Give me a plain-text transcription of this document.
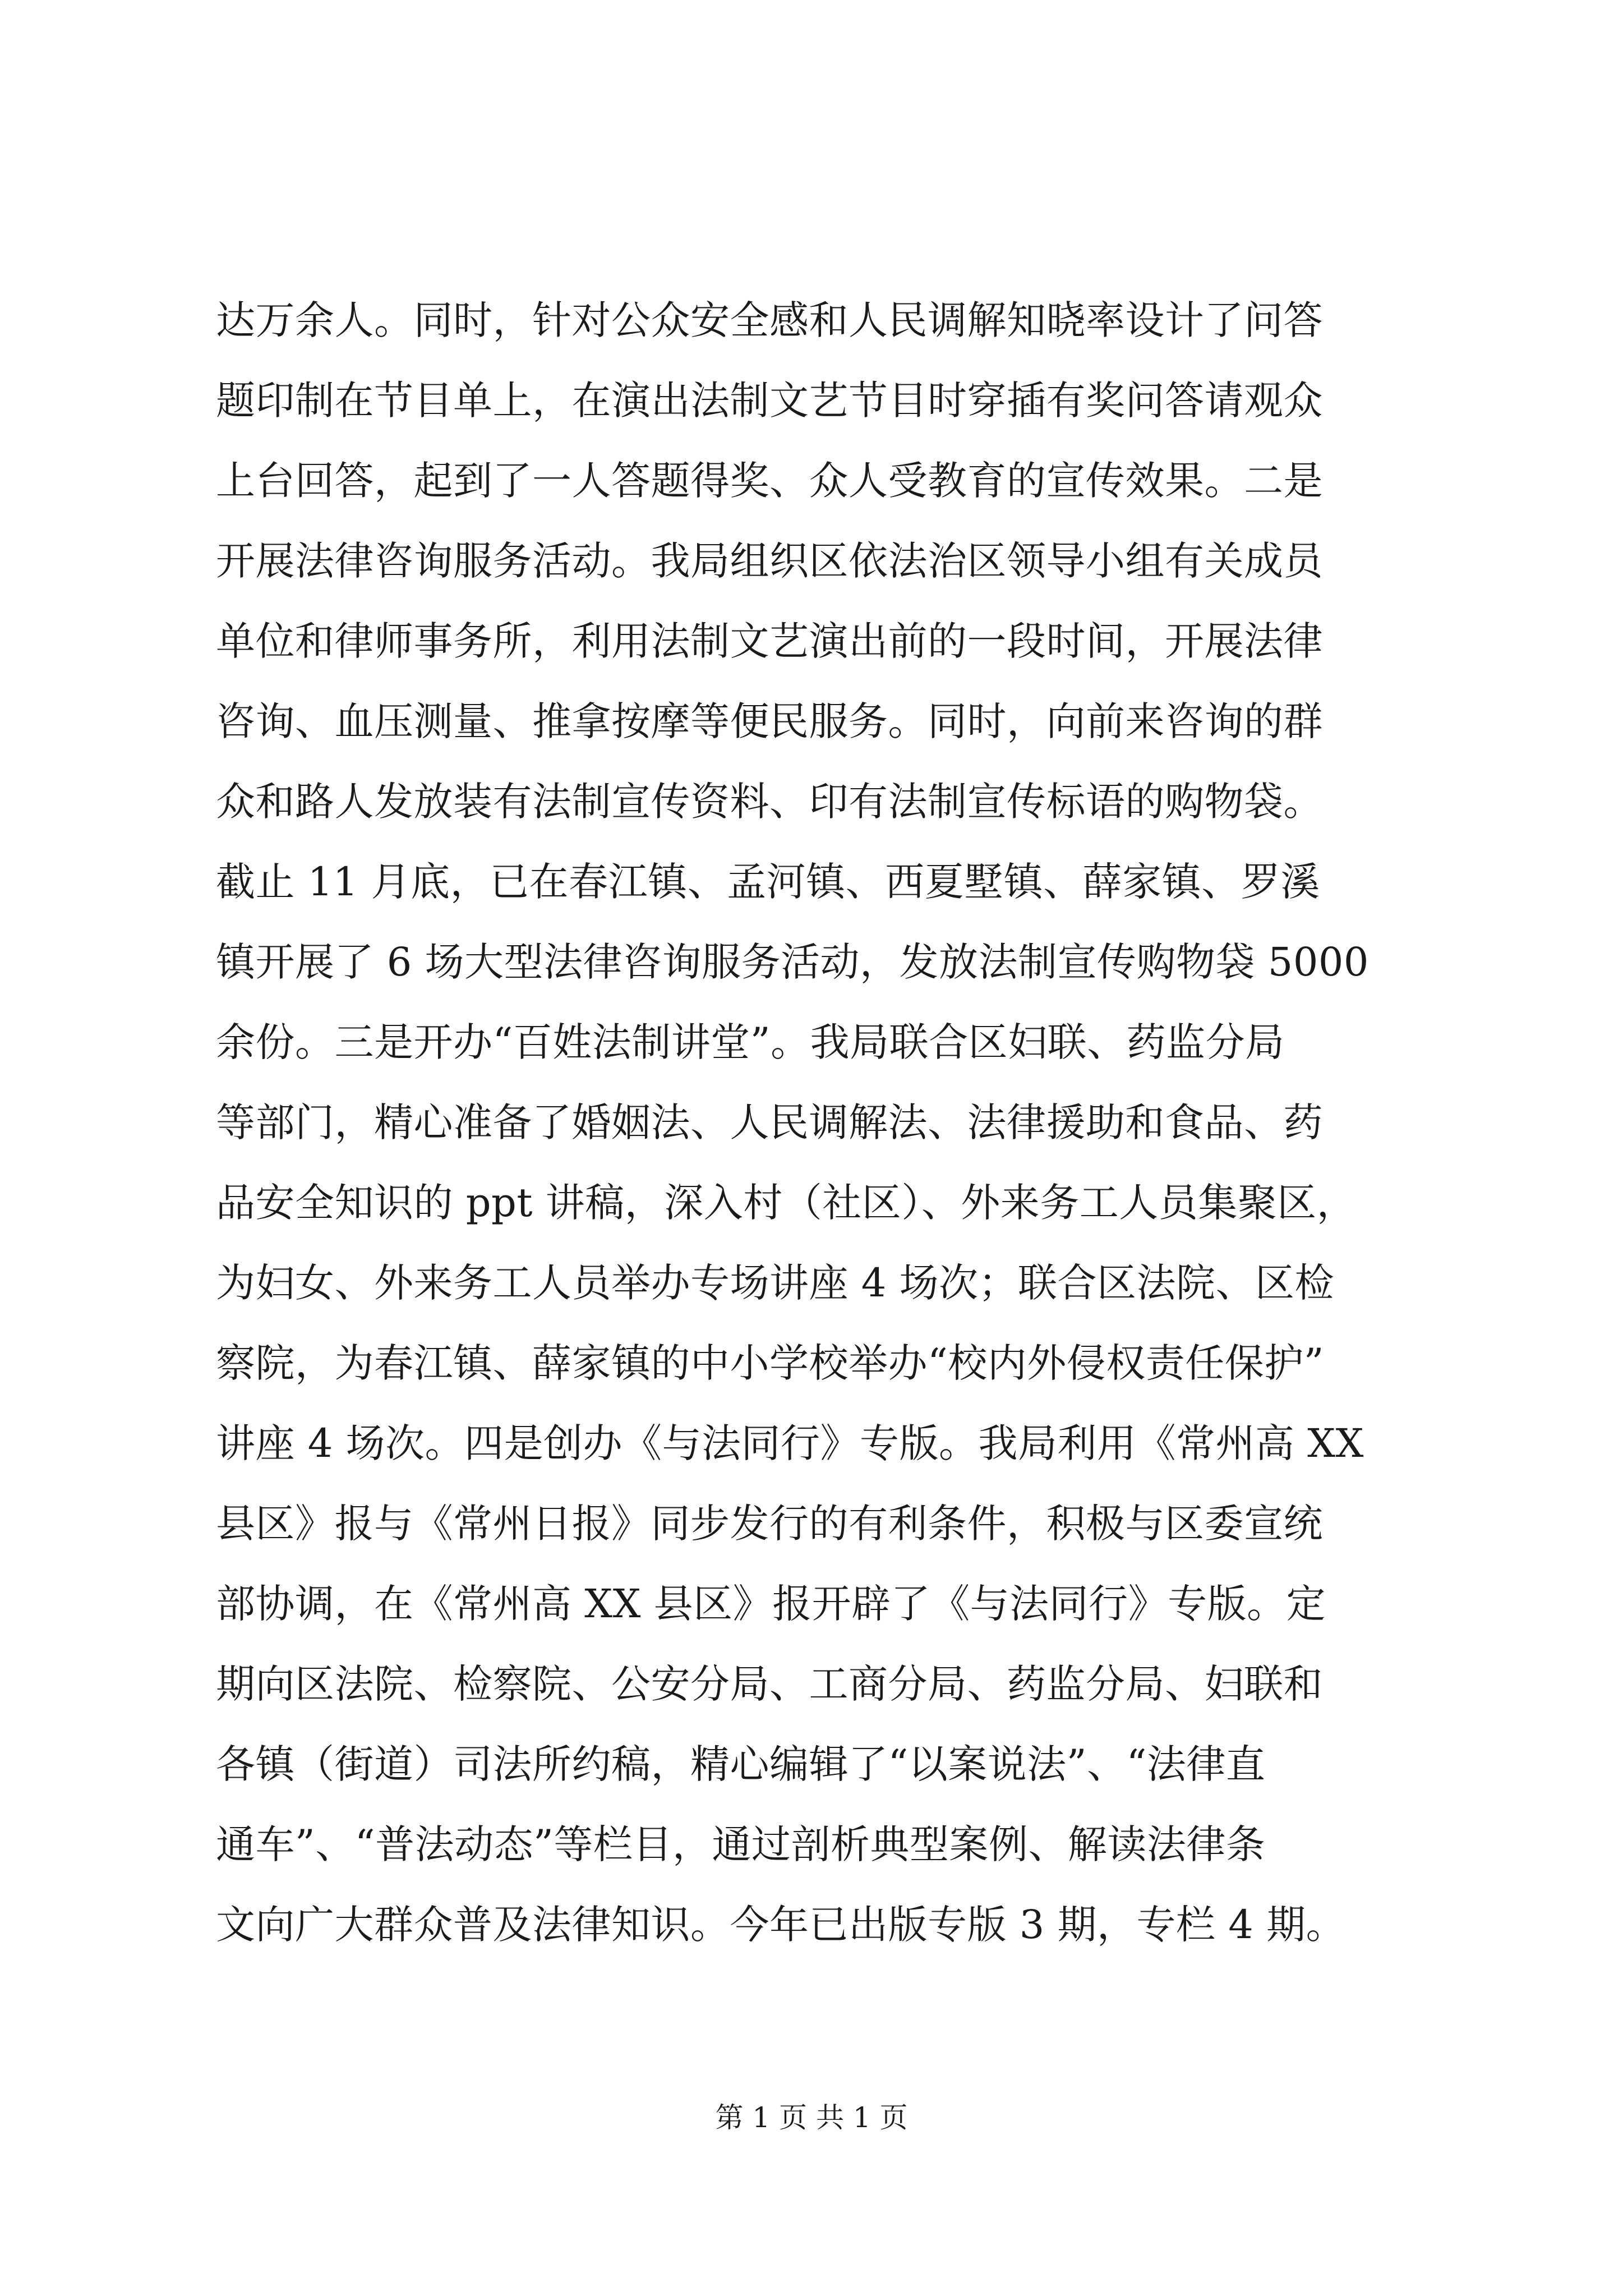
达万余人。同时，针对公众安全感和人民调解知晓率设计了问答
题印制在节目单上，在演出法制文艺节目时穿插有奖问答请观众
上台回答，起到了一人答题得奖、众人受教育的宣传效果。二是
开展法律咨询服务活动。我局组织区依法治区领导小组有关成员
单位和律师事务所，利用法制文艺演出前的一段时间，开展法律
咨询、血压测量、推拿按摩等便民服务。同时，向前来咨询的群
众和路人发放装有法制宣传资料、印有法制宣传标语的购物袋。
截止 11 月底，已在春江镇、孟河镇、西夏墅镇、薛家镇、罗溪
镇开展了 6 场大型法律咨询服务活动，发放法制宣传购物袋 5000
余份。三是开办“百姓法制讲堂”。我局联合区妇联、药监分局
等部门，精心准备了婚姻法、人民调解法、法律援助和食品、药
品安全知识的 ppt 讲稿，深入村（社区）、外来务工人员集聚区，
为妇女、外来务工人员举办专场讲座 4 场次；联合区法院、区检
察院，为春江镇、薛家镇的中小学校举办“校内外侵权责任保护”
讲座 4 场次。四是创办《与法同行》专版。我局利用《常州高 XX
县区》报与《常州日报》同步发行的有利条件，积极与区委宣统
部协调，在《常州高 XX 县区》报开辟了《与法同行》专版。定
期向区法院、检察院、公安分局、工商分局、药监分局、妇联和
各镇（街道）司法所约稿，精心编辑了“以案说法”、“法律直
通车”、“普法动态”等栏目，通过剖析典型案例、解读法律条
文向广大群众普及法律知识。今年已出版专版 3 期，专栏 4 期。
第 1 页 共 1 页
